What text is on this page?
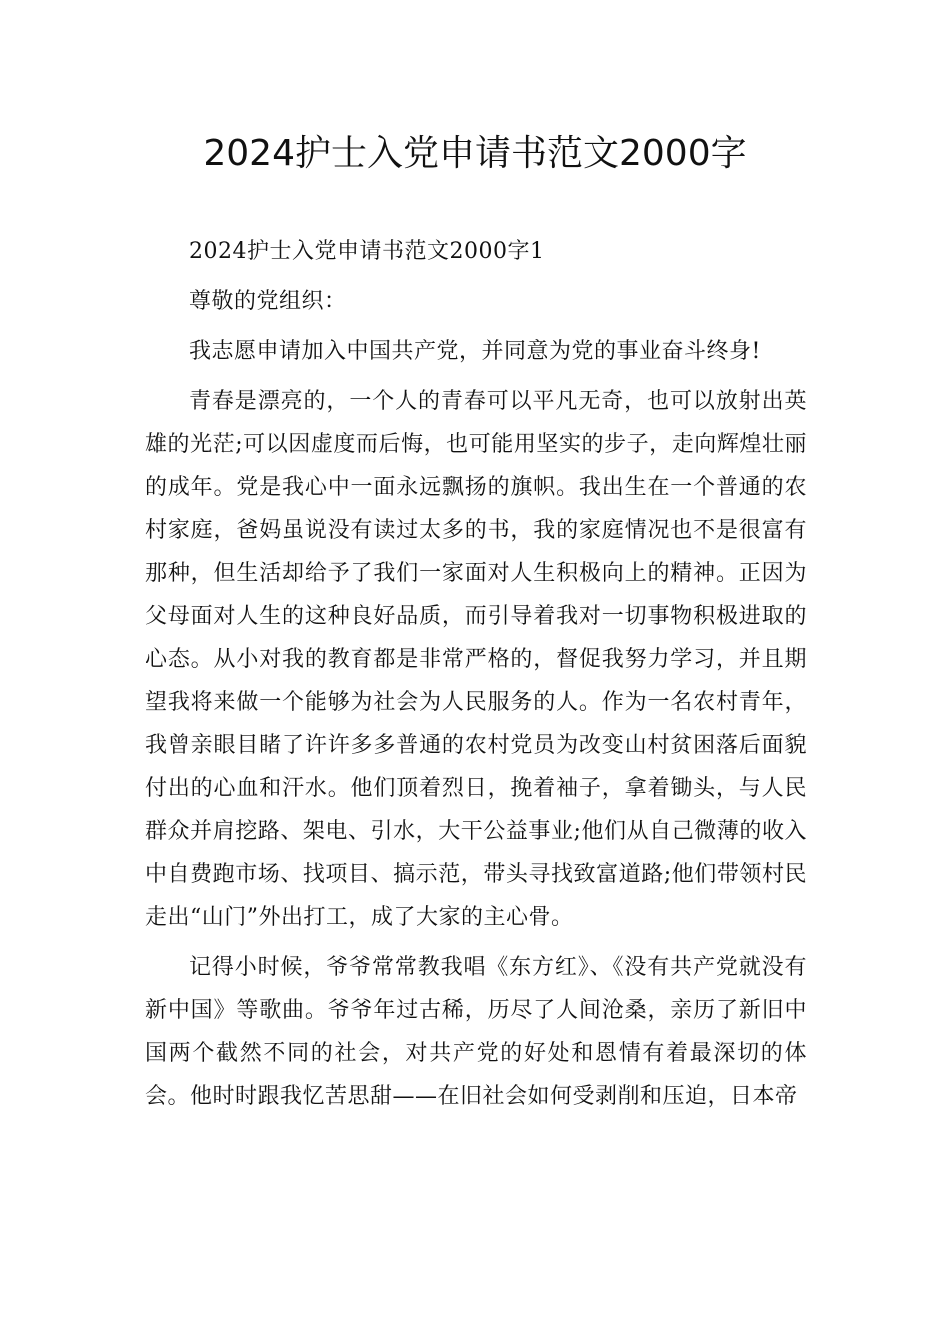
2024护士入党申请书范文2000字

2024护士入党申请书范文2000字1

尊敬的党组织：

我志愿申请加入中国共产党，并同意为党的事业奋斗终身!

青春是漂亮的，一个人的青春可以平凡无奇，也可以放射出英雄的光茫;可以因虚度而后悔，也可能用坚实的步子，走向辉煌壮丽的成年。党是我心中一面永远飘扬的旗帜。我出生在一个普通的农村家庭，爸妈虽说没有读过太多的书，我的家庭情况也不是很富有那种，但生活却给予了我们一家面对人生积极向上的精神。正因为父母面对人生的这种良好品质，而引导着我对一切事物积极进取的心态。从小对我的教育都是非常严格的，督促我努力学习，并且期望我将来做一个能够为社会为人民服务的人。作为一名农村青年，我曾亲眼目睹了许许多多普通的农村党员为改变山村贫困落后面貌付出的心血和汗水。他们顶着烈日，挽着袖子，拿着锄头，与人民群众并肩挖路、架电、引水，大干公益事业;他们从自己微薄的收入中自费跑市场、找项目、搞示范，带头寻找致富道路;他们带领村民走出“山门”外出打工，成了大家的主心骨。

记得小时候，爷爷常常教我唱《东方红》、《没有共产党就没有新中国》等歌曲。爷爷年过古稀，历尽了人间沧桑，亲历了新旧中国两个截然不同的社会，对共产党的好处和恩情有着最深切的体会。他时时跟我忆苦思甜——在旧社会如何受剥削和压迫，日本帝
